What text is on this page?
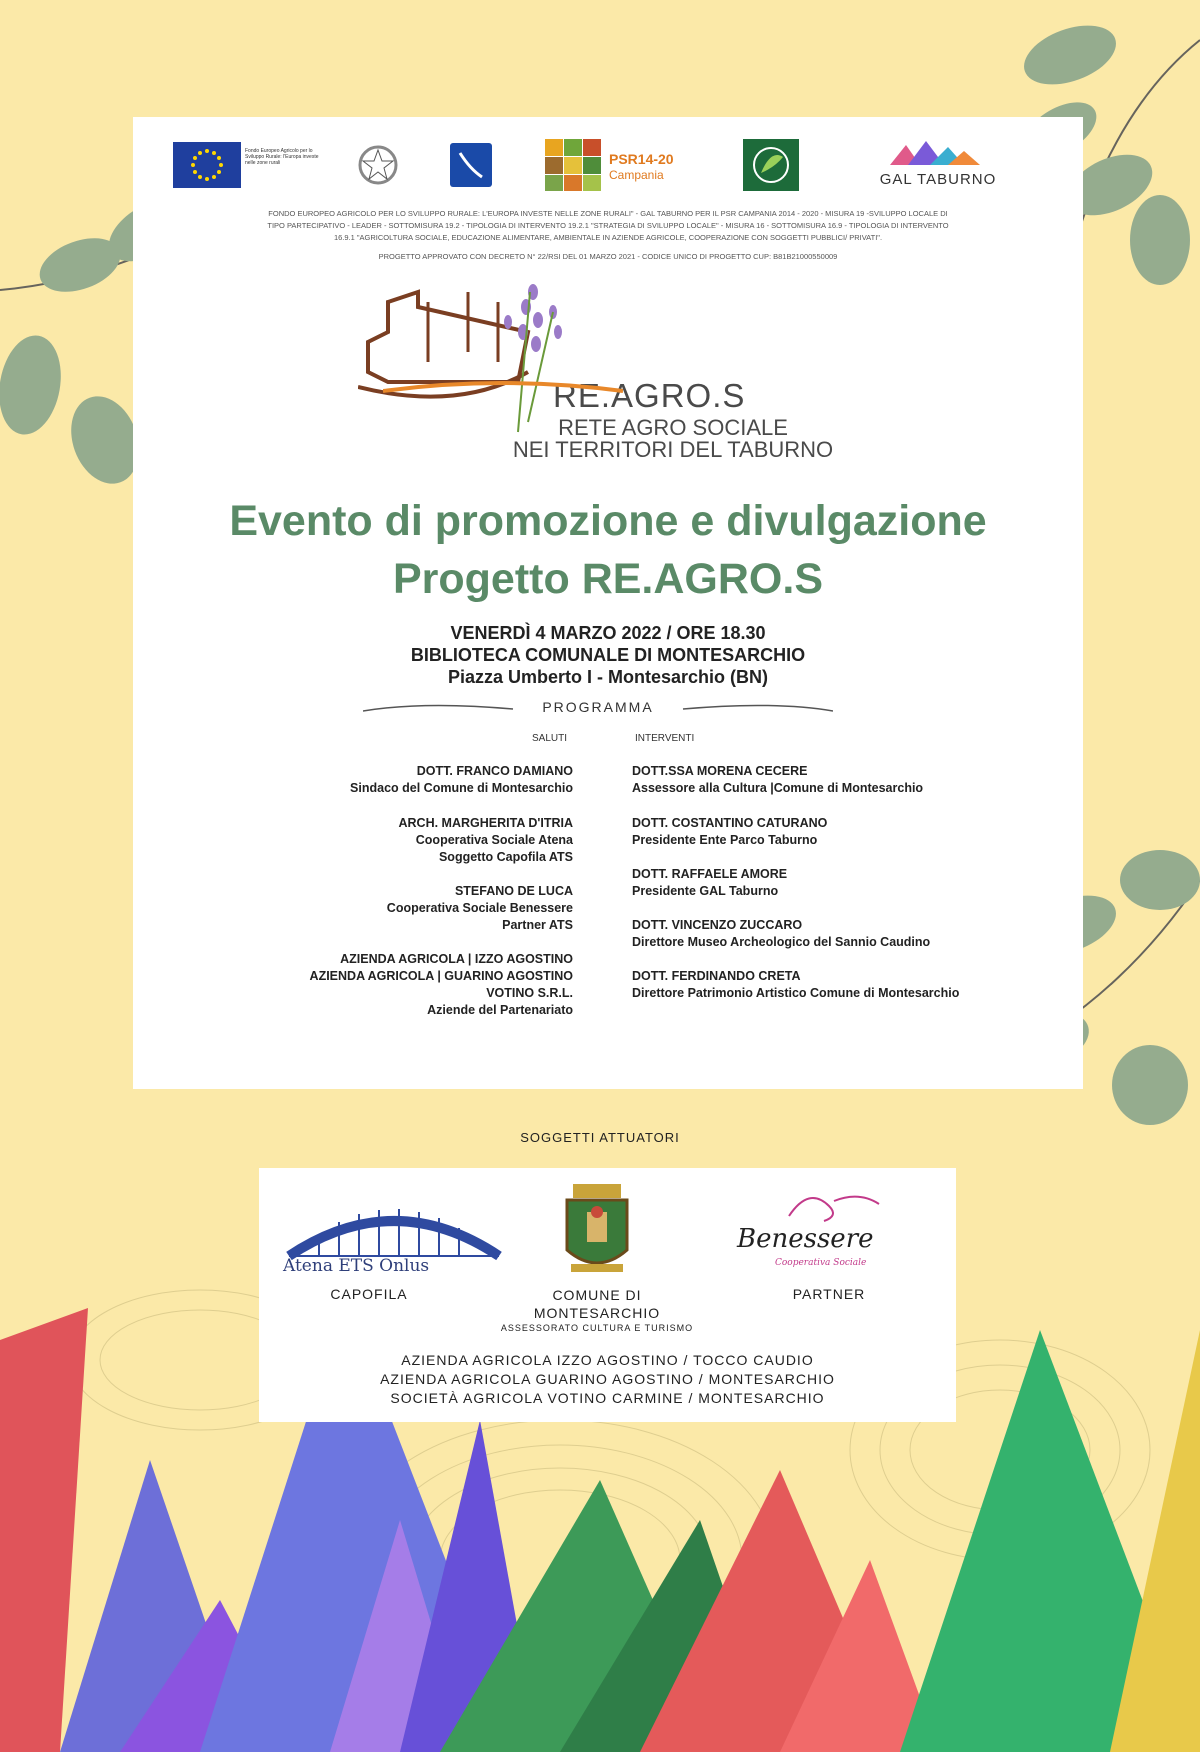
Fondo Europeo Agricolo per lo Sviluppo Rurale: l'Europa investe nelle zone rurali	PSR14-20
Campania	GAL TABURNO
FONDO EUROPEO AGRICOLO PER LO SVILUPPO RURALE: L'EUROPA INVESTE NELLE ZONE RURALI" - GAL TABURNO PER IL PSR CAMPANIA 2014 - 2020 - MISURA 19 -SVILUPPO LOCALE DI
TIPO PARTECIPATIVO - LEADER - SOTTOMISURA 19.2 - TIPOLOGIA DI INTERVENTO 19.2.1 "STRATEGIA DI SVILUPPO LOCALE" - MISURA 16 - SOTTOMISURA 16.9 - TIPOLOGIA DI INTERVENTO
16.9.1 "AGRICOLTURA SOCIALE, EDUCAZIONE ALIMENTARE, AMBIENTALE IN AZIENDE AGRICOLE, COOPERAZIONE CON SOGGETTI PUBBLICI/ PRIVATI".
PROGETTO APPROVATO CON DECRETO N° 22/RSI DEL 01 MARZO 2021 - CODICE UNICO DI PROGETTO CUP: B81B21000550009
RE.AGRO.S
RETE AGRO SOCIALE
NEI TERRITORI DEL TABURNO
Evento di promozione e divulgazione
Progetto RE.AGRO.S
VENERDÌ 4 MARZO 2022 / ORE 18.30
BIBLIOTECA COMUNALE DI MONTESARCHIO
Piazza Umberto I - Montesarchio (BN)
PROGRAMMA
SALUTI	INTERVENTI
DOTT. FRANCO DAMIANO
Sindaco del Comune di Montesarchio
ARCH. MARGHERITA D'ITRIA
Cooperativa Sociale Atena
Soggetto Capofila ATS
STEFANO DE LUCA
Cooperativa Sociale Benessere
Partner ATS
AZIENDA AGRICOLA | IZZO AGOSTINO
AZIENDA AGRICOLA | GUARINO AGOSTINO
VOTINO S.R.L.
Aziende del Partenariato
DOTT.SSA MORENA CECERE
Assessore alla Cultura |Comune di Montesarchio
DOTT. COSTANTINO CATURANO
Presidente Ente Parco Taburno
DOTT. RAFFAELE AMORE
Presidente GAL Taburno
DOTT. VINCENZO ZUCCARO
Direttore Museo Archeologico del Sannio Caudino
DOTT. FERDINANDO CRETA
Direttore Patrimonio Artistico Comune di Montesarchio
SOGGETTI ATTUATORI
Atena ETS Onlus
CAPOFILA	COMUNE DI
MONTESARCHIO
ASSESSORATO CULTURA E TURISMO
Benessere
Cooperativa Sociale
PARTNER
AZIENDA AGRICOLA IZZO AGOSTINO / TOCCO CAUDIO
AZIENDA AGRICOLA GUARINO AGOSTINO / MONTESARCHIO
SOCIETÀ AGRICOLA VOTINO CARMINE / MONTESARCHIO
